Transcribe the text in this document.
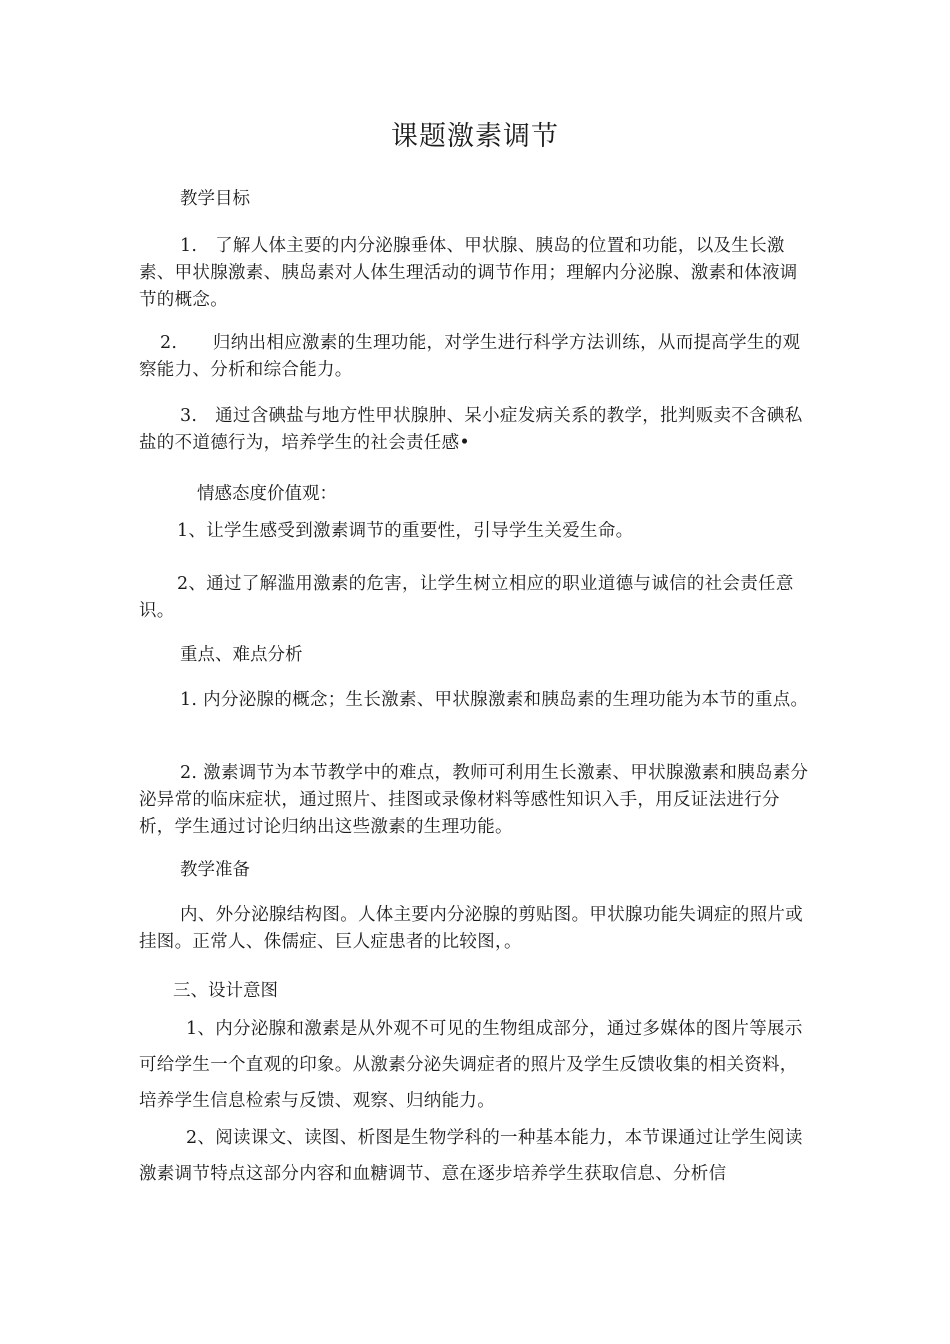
课题激素调节
教学目标
1.　了解人体主要的内分泌腺垂体、甲状腺、胰岛的位置和功能，以及生长激素、甲状腺激素、胰岛素对人体生理活动的调节作用；理解内分泌腺、激素和体液调节的概念。
2.　　归纳出相应激素的生理功能，对学生进行科学方法训练，从而提高学生的观察能力、分析和综合能力。
3.　通过含碘盐与地方性甲状腺肿、呆小症发病关系的教学，批判贩卖不含碘私盐的不道德行为，培养学生的社会责任感•
情感态度价值观：
1、让学生感受到激素调节的重要性，引导学生关爱生命。
2、通过了解滥用激素的危害，让学生树立相应的职业道德与诚信的社会责任意识。
重点、难点分析
1. 内分泌腺的概念；生长激素、甲状腺激素和胰岛素的生理功能为本节的重点。
2. 激素调节为本节教学中的难点，教师可利用生长激素、甲状腺激素和胰岛素分泌异常的临床症状，通过照片、挂图或录像材料等感性知识入手，用反证法进行分析，学生通过讨论归纳出这些激素的生理功能。
教学准备
内、外分泌腺结构图。人体主要内分泌腺的剪贴图。甲状腺功能失调症的照片或挂图。正常人、侏儒症、巨人症患者的比较图，。
三、设计意图
1、内分泌腺和激素是从外观不可见的生物组成部分，通过多媒体的图片等展示可给学生一个直观的印象。从激素分泌失调症者的照片及学生反馈收集的相关资料，培养学生信息检索与反馈、观察、归纳能力。
2、阅读课文、读图、析图是生物学科的一种基本能力，本节课通过让学生阅读激素调节特点这部分内容和血糖调节、意在逐步培养学生获取信息、分析信
